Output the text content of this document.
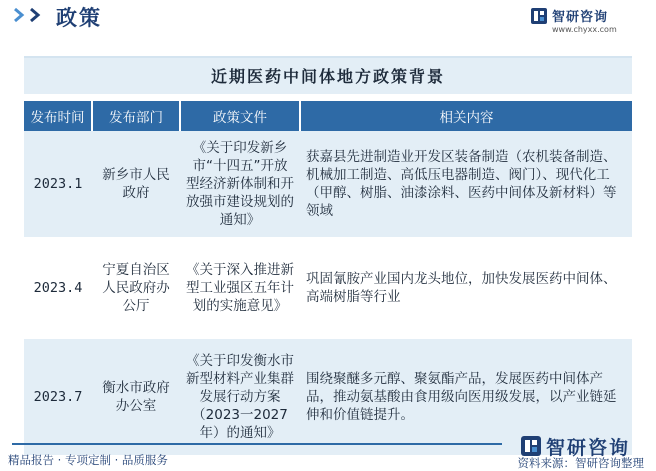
政策	智研咨询
www.chyxx.com
近期医药中间体地方政策背景
发布时间	发布部门	政策文件	相关内容
2023.1	新乡市人民政府	《关于印发新乡市“十四五”开放型经济新体制和开放强市建设规划的通知》	获嘉县先进制造业开发区装备制造（农机装备制造、机械加工制造、高低压电器制造、阀门）、现代化工（甲醇、树脂、油漆涂料、医药中间体及新材料）等领域
2023.4	宁夏自治区人民政府办公厅	《关于深入推进新型工业强区五年计划的实施意见》	巩固氰胺产业国内龙头地位，加快发展医药中间体、高端树脂等行业
2023.7	衡水市政府办公室	《关于印发衡水市新型材料产业集群发展行动方案（2023一2027年）的通知》	围绕聚醚多元醇、聚氨酯产品，发展医药中间体产品，推动氨基酸由食用级向医用级发展，以产业链延伸和价值链提升。
精品报告 · 专项定制 · 品质服务
智研咨询
资料来源：智研咨询整理
